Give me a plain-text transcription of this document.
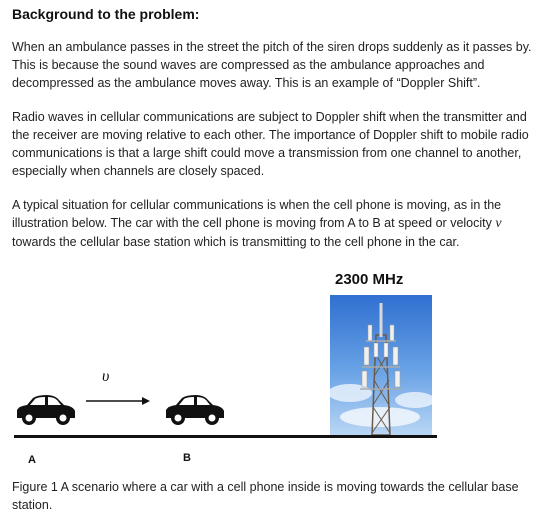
Background to the problem:
When an ambulance passes in the street the pitch of the siren drops suddenly as it passes by. This is because the sound waves are compressed as the ambulance approaches and decompressed as the ambulance moves away. This is an example of “Doppler Shift”.
Radio waves in cellular communications are subject to Doppler shift when the transmitter and the receiver are moving relative to each other. The importance of Doppler shift to mobile radio communications is that a large shift could move a transmission from one channel to another, especially when channels are closely spaced.
A typical situation for cellular communications is when the cell phone is moving, as in the illustration below. The car with the cell phone is moving from A to B at speed or velocity v towards the cellular base station which is transmitting to the cell phone in the car.
2300 MHz
υ
A	B
Figure 1 A scenario where a car with a cell phone inside is moving towards the cellular base station.
